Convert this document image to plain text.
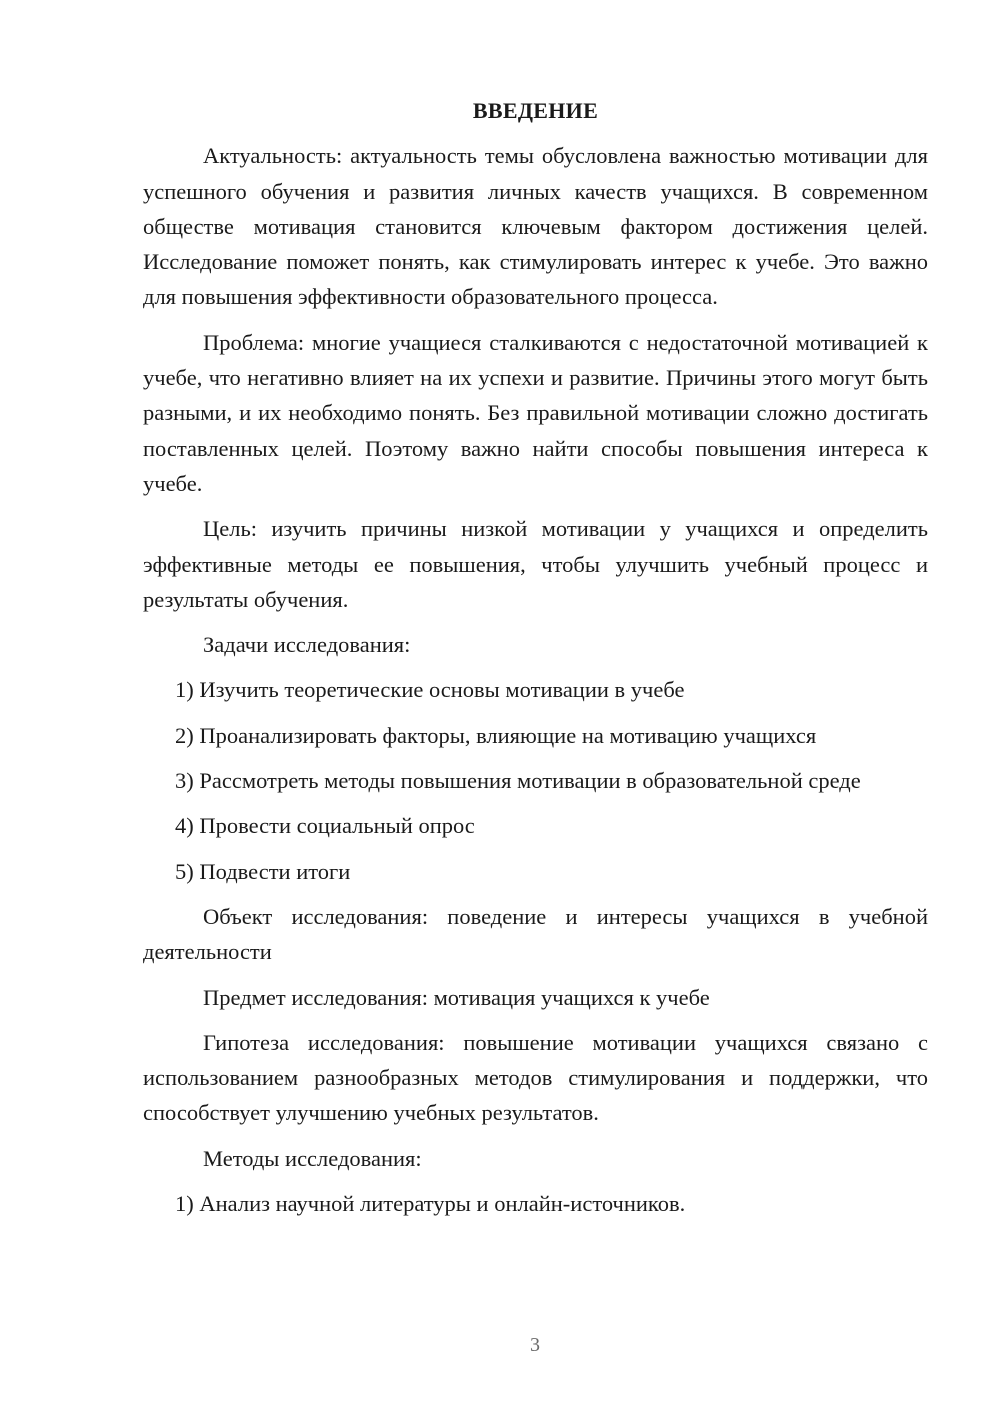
ВВЕДЕНИЕ

Актуальность: актуальность темы обусловлена важностью мотивации для успешного обучения и развития личных качеств учащихся. В современном обществе мотивация становится ключевым фактором достижения целей. Исследование поможет понять, как стимулировать интерес к учебе. Это важно для повышения эффективности образовательного процесса.

Проблема: многие учащиеся сталкиваются с недостаточной мотивацией к учебе, что негативно влияет на их успехи и развитие. Причины этого могут быть разными, и их необходимо понять. Без правильной мотивации сложно достигать поставленных целей. Поэтому важно найти способы повышения интереса к учебе.

Цель: изучить причины низкой мотивации у учащихся и определить эффективные методы ее повышения, чтобы улучшить учебный процесс и результаты обучения.

Задачи исследования:

1) Изучить теоретические основы мотивации в учебе

2) Проанализировать факторы, влияющие на мотивацию учащихся

3) Рассмотреть методы повышения мотивации в образовательной среде

4) Провести социальный опрос

5) Подвести итоги

Объект исследования: поведение и интересы учащихся в учебной деятельности

Предмет исследования: мотивация учащихся к учебе

Гипотеза исследования: повышение мотивации учащихся связано с использованием разнообразных методов стимулирования и поддержки, что способствует улучшению учебных результатов.

Методы исследования:

1) Анализ научной литературы и онлайн-источников.

3
